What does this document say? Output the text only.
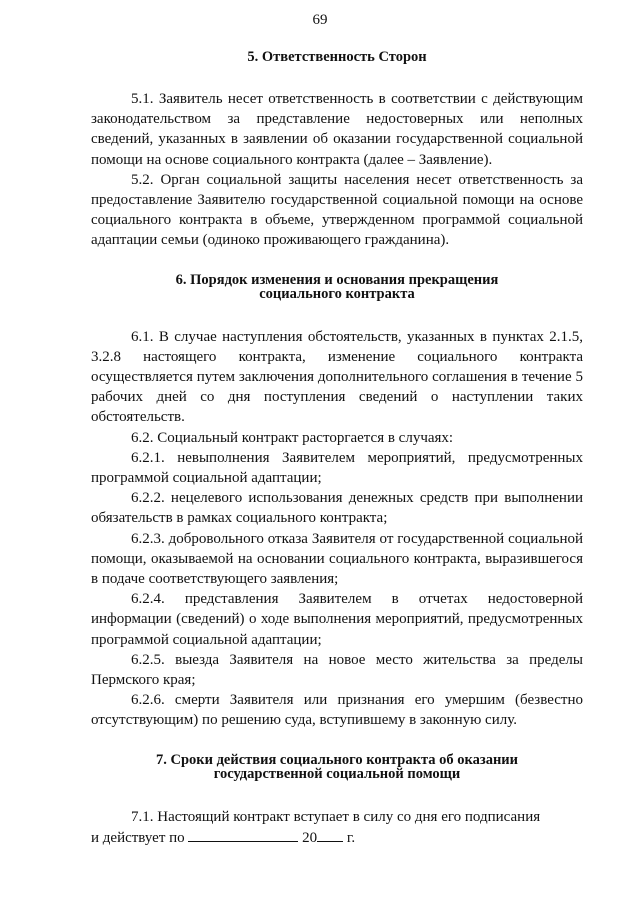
69

5. Ответственность Сторон

5.1. Заявитель несет ответственность в соответствии с действующим законодательством за представление недостоверных или неполных сведений, указанных в заявлении об оказании государственной социальной помощи на основе социального контракта (далее – Заявление).

5.2. Орган социальной защиты населения несет ответственность за предоставление Заявителю государственной социальной помощи на основе социального контракта в объеме, утвержденном программой социальной адаптации семьи (одиноко проживающего гражданина).

6. Порядок изменения и основания прекращения

социального контракта

6.1. В случае наступления обстоятельств, указанных в пунктах 2.1.5, 3.2.8 настоящего контракта, изменение социального контракта осуществляется путем заключения дополнительного соглашения в течение 5 рабочих дней со дня поступления сведений о наступлении таких обстоятельств.

6.2. Социальный контракт расторгается в случаях:

6.2.1. невыполнения Заявителем мероприятий, предусмотренных программой социальной адаптации;

6.2.2. нецелевого использования денежных средств при выполнении обязательств в рамках социального контракта;

6.2.3. добровольного отказа Заявителя от государственной социальной помощи, оказываемой на основании социального контракта, выразившегося в подаче соответствующего заявления;

6.2.4. представления Заявителем в отчетах недостоверной информации (сведений) о ходе выполнения мероприятий, предусмотренных программой социальной адаптации;

6.2.5. выезда Заявителя на новое место жительства за пределы Пермского края;

6.2.6. смерти Заявителя или признания его умершим (безвестно отсутствующим) по решению суда, вступившему в законную силу.

7. Сроки действия социального контракта об оказании

государственной социальной помощи

7.1. Настоящий контракт вступает в силу со дня его подписания

и действует по	20 г.
